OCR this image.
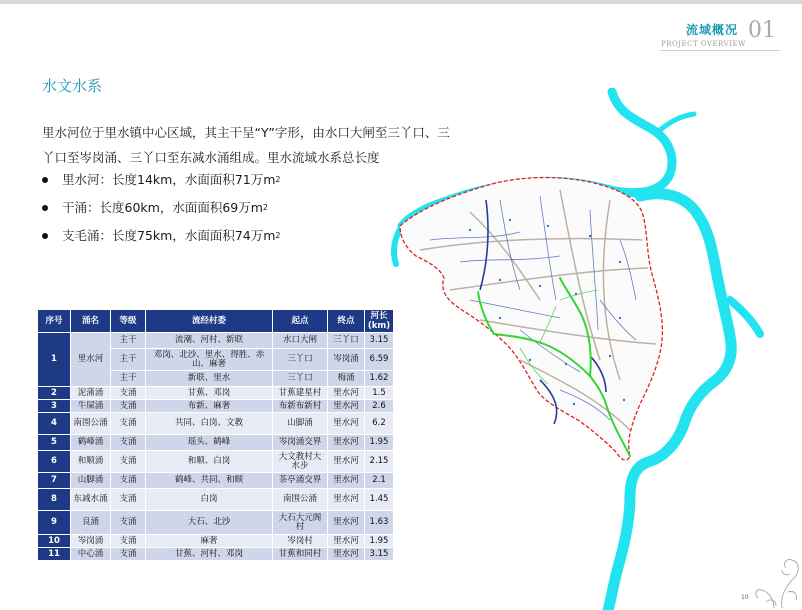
流域概况 01
PROJECT OVERVIEW
水文水系
里水河位于里水镇中心区域，其主干呈“Y”字形，由水口大闸至三丫口、三丫口至岑岗涌、三丫口至东减水涌组成。里水流域水系总长度
里水河：长度14km，水面面积71万m 2
干涌：长度60km，水面面积69万m 2
支毛涌：长度75km，水面面积74万m 2
序号	涌名	等级	流经村委	起点	终点	河长(km)
1	里水河	主干	流潮、河村、新联	水口大闸	三丫口	3.15
		主干	邓岗、北沙、里水、得胜、赤山、麻奢	三丫口	岑岗涌	6.59
		主干	新联、里水	三丫口	梅涌	1.62
2	泥蒲涌	支涌	甘蕉、邓岗	甘蕉建星村	里水河	1.5
3	牛屎涌	支涌	布新、麻奢	布新布新村	里水河	2.6
4	南围公涌	支涌	共同、白岗、文教	山脚涌	里水河	6.2
5	鹤峰涌	支涌	瑶头、鹤峰	岑岗涌交界	里水河	1.95
6	和顺涌	支涌	和顺、白岗	大文教村大水步	里水河	2.15
7	山脚涌	支涌	鹤峰、共同、和顺	茶亭涌交界	里水河	2.1
8	东减水涌	支涌	白岗	南围公涌	里水河	1.45
9	良涌	支涌	大石、北沙	大石大元阁村	里水河	1.63
10	岑岗涌	支涌	麻奢	岑岗村	里水河	1.95
11	中心涌	支涌	甘蕉、河村、邓岗	甘蕉和同村	里水河	3.15
10
